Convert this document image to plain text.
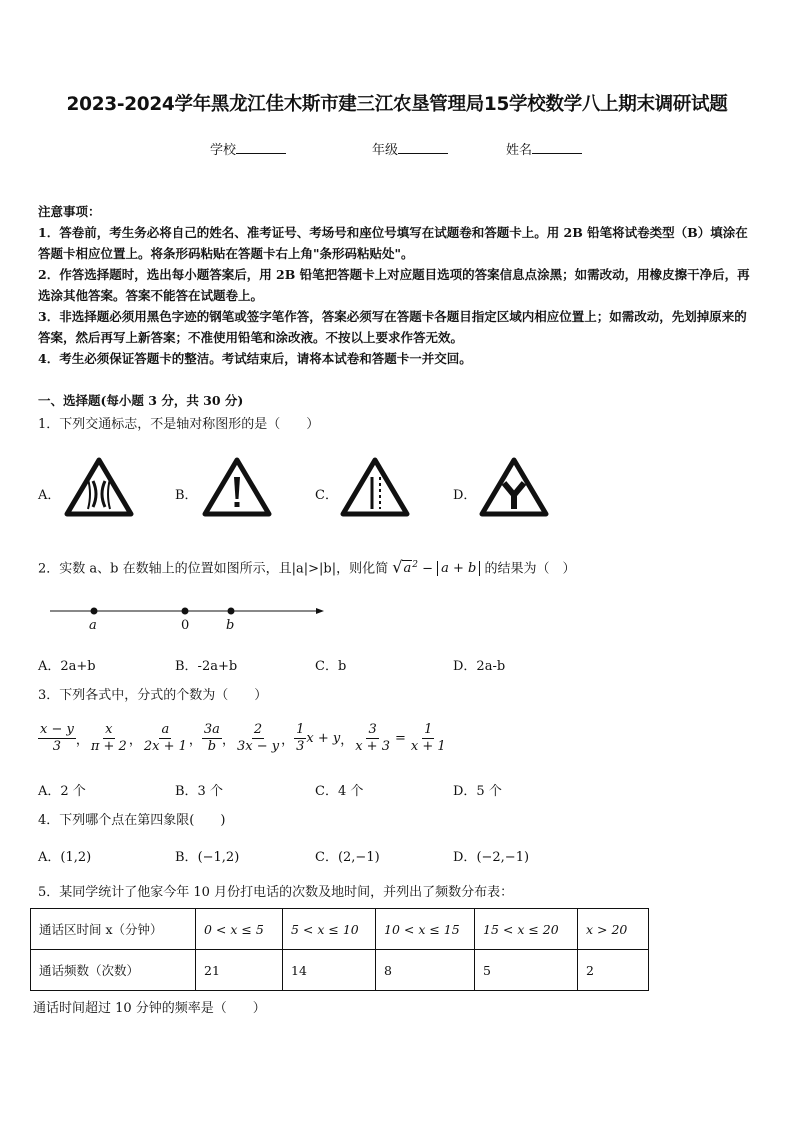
2023-2024学年黑龙江佳木斯市建三江农垦管理局15学校数学八上期末调研试题
学校	年级	姓名
注意事项：
1．答卷前，考生务必将自己的姓名、准考证号、考场号和座位号填写在试题卷和答题卡上。用 2B 铅笔将试卷类型（B）填涂在答题卡相应位置上。将条形码粘贴在答题卡右上角"条形码粘贴处"。
2．作答选择题时，选出每小题答案后，用 2B 铅笔把答题卡上对应题目选项的答案信息点涂黑；如需改动，用橡皮擦干净后，再选涂其他答案。答案不能答在试题卷上。
3．非选择题必须用黑色字迹的钢笔或签字笔作答，答案必须写在答题卡各题目指定区域内相应位置上；如需改动，先划掉原来的答案，然后再写上新答案；不准使用铅笔和涂改液。不按以上要求作答无效。
4．考生必须保证答题卡的整洁。考试结束后，请将本试卷和答题卡一并交回。
一、选择题(每小题 3 分，共 30 分)
1．下列交通标志，不是轴对称图形的是（　　）
A．	B．	C．	D．
2．实数 a、b 在数轴上的位置如图所示，且|a|>|b|，则化简 $√a^2 - a + b$ 的结果为（　）
a	0	b
A．2a+b	B．-2a+b	C．b	D．2a-b
3．下列各式中，分式的个数为（　　）
$\frac{x - y}{3}$ ， $\frac{x}{\pi + 2}$ ， $\frac{a}{2x + 1}$ ， $\frac{3a}{b}$ ， $\frac{2}{3x - y}$ ， $\frac{1}{3}$ x + y ， $\frac{3}{x + 3} = \frac{1}{x + 1}$
A．2 个	B．3 个	C．4 个	D．5 个
4．下列哪个点在第四象限(　　)
A．(1,2)	B．(−1,2)	C．(2,−1)	D．(−2,−1)
5．某同学统计了他家今年 10 月份打电话的次数及地时间，并列出了频数分布表：
通话区时间 x（分钟）	0 < x ≤ 5	5 < x ≤ 10	10 < x ≤ 15	15 < x ≤ 20	x > 20
通话频数（次数）	21	14	8	5	2
通话时间超过 10 分钟的频率是（　　）
